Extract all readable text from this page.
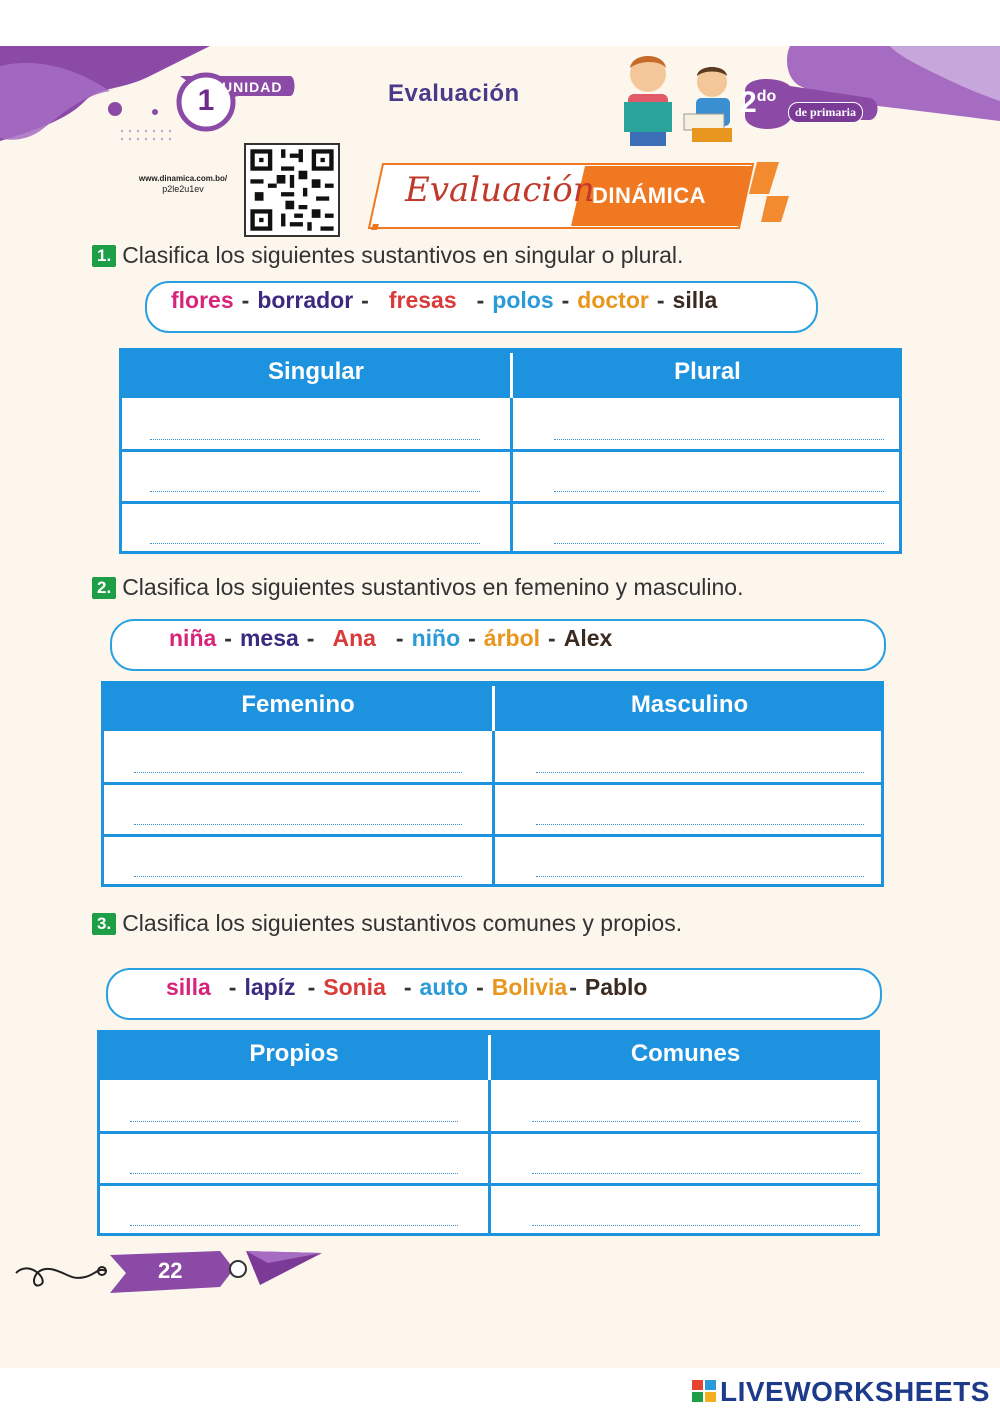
UNIDAD
1	Evaluación	$2^{do}$
de primaria
www.dinamica.com.bo/
p2le2u1ev	Evaluación
DINÁMICA
1. Clasifica los siguientes sustantivos en singular o plural.
flores - borrador - fresas - polos - doctor - silla
Singular	Plural
2. Clasifica los siguientes sustantivos en femenino y masculino.
niña - mesa - Ana - niño - árbol - Alex
Femenino	Masculino
3. Clasifica los siguientes sustantivos comunes y propios.
silla - lapíz - Sonia - auto - Bolivia- Pablo
Propios	Comunes
22
LIVEWORKSHEETS
